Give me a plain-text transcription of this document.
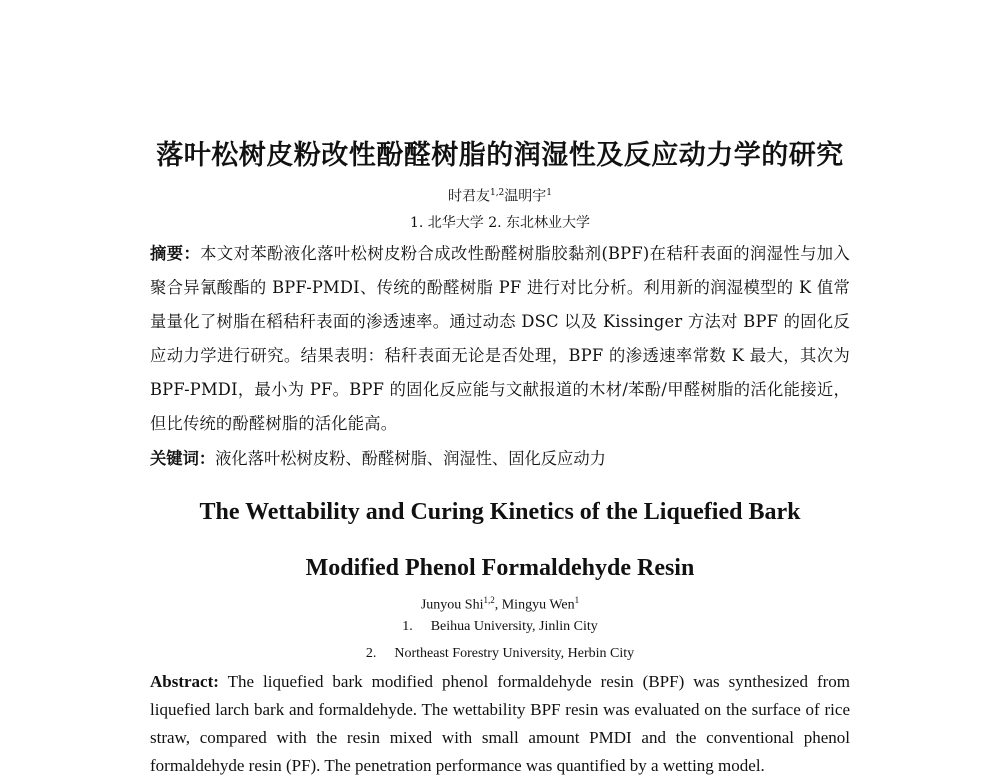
落叶松树皮粉改性酚醛树脂的润湿性及反应动力学的研究
时君友$^{1,2}$温明宇$^1$
1. 北华大学 2. 东北林业大学
摘要：本文对苯酚液化落叶松树皮粉合成改性酚醛树脂胶黏剂(BPF)在秸秆表面的润湿性与加入聚合异氰酸酯的 BPF-PMDI、传统的酚醛树脂 PF 进行对比分析。利用新的润湿模型的 K 值常量量化了树脂在稻秸秆表面的渗透速率。通过动态 DSC 以及 Kissinger 方法对 BPF 的固化反应动力学进行研究。结果表明：秸秆表面无论是否处理，BPF 的渗透速率常数 K 最大，其次为 BPF-PMDI，最小为 PF。BPF 的固化反应能与文献报道的木材/苯酚/甲醛树脂的活化能接近，但比传统的酚醛树脂的活化能高。
关键词：液化落叶松树皮粉、酚醛树脂、润湿性、固化反应动力
The Wettability and Curing Kinetics of the Liquefied Bark
Modified Phenol Formaldehyde Resin
Junyou Shi$^{1,2}$, Mingyu Wen$^1$
1. Beihua University, Jinlin City
2. Northeast Forestry University, Herbin City
Abstract: The liquefied bark modified phenol formaldehyde resin (BPF) was synthesized from liquefied larch bark and formaldehyde. The wettability BPF resin was evaluated on the surface of rice straw, compared with the resin mixed with small amount PMDI and the conventional phenol formaldehyde resin (PF). The penetration performance was quantified by a wetting model.
